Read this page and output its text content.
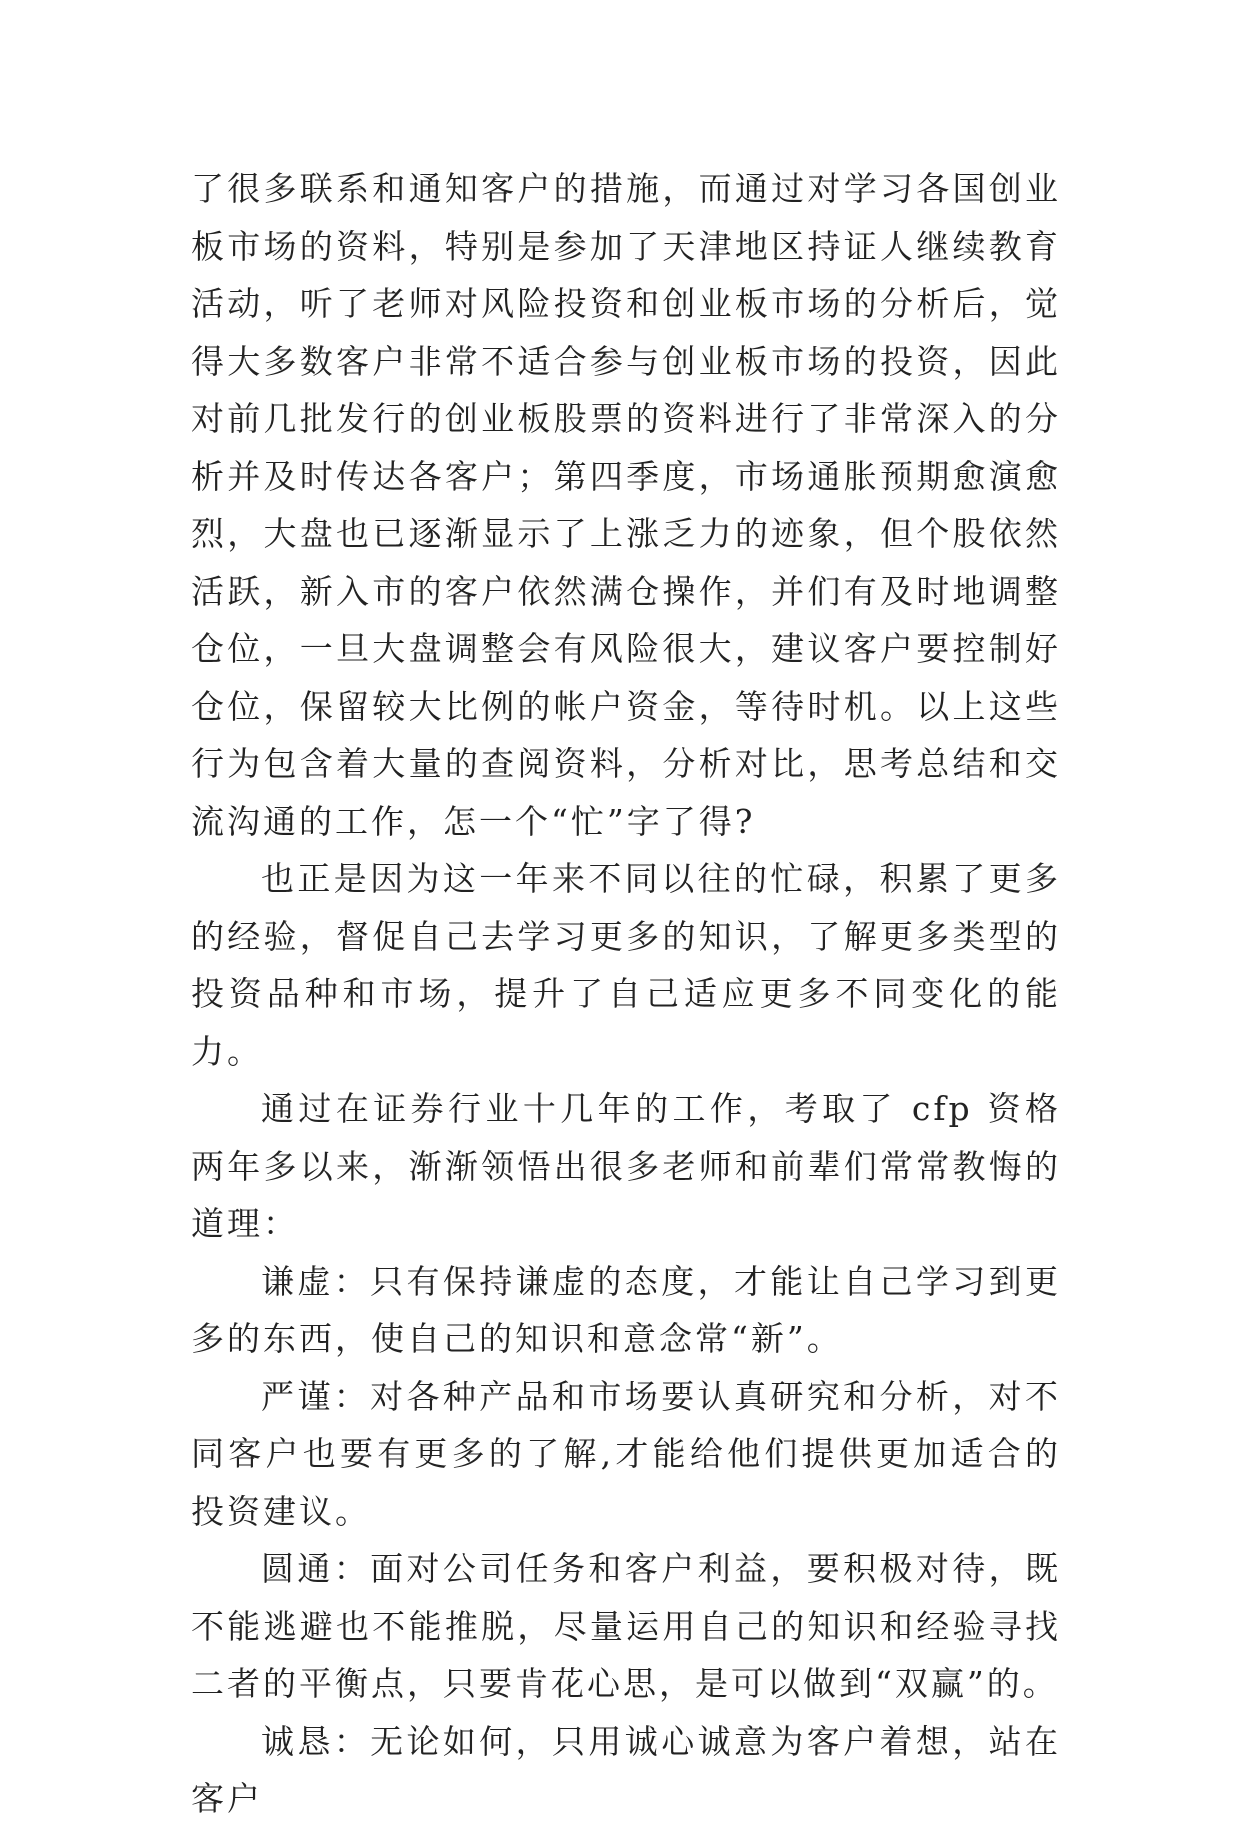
了很多联系和通知客户的措施，而通过对学习各国创业板市场的资料，特别是参加了天津地区持证人继续教育活动，听了老师对风险投资和创业板市场的分析后，觉得大多数客户非常不适合参与创业板市场的投资，因此对前几批发行的创业板股票的资料进行了非常深入的分析并及时传达各客户；第四季度，市场通胀预期愈演愈烈，大盘也已逐渐显示了上涨乏力的迹象，但个股依然活跃，新入市的客户依然满仓操作，并们有及时地调整仓位，一旦大盘调整会有风险很大，建议客户要控制好仓位，保留较大比例的帐户资金，等待时机。以上这些行为包含着大量的查阅资料，分析对比，思考总结和交流沟通的工作，怎一个“忙”字了得?

也正是因为这一年来不同以往的忙碌，积累了更多的经验，督促自己去学习更多的知识，了解更多类型的投资品种和市场，提升了自己适应更多不同变化的能力。

通过在证券行业十几年的工作，考取了 cfp 资格两年多以来，渐渐领悟出很多老师和前辈们常常教悔的道理：

谦虚：只有保持谦虚的态度，才能让自己学习到更多的东西，使自己的知识和意念常“新”。

严谨：对各种产品和市场要认真研究和分析，对不同客户也要有更多的了解,才能给他们提供更加适合的投资建议。

圆通：面对公司任务和客户利益，要积极对待，既不能逃避也不能推脱，尽量运用自己的知识和经验寻找二者的平衡点，只要肯花心思，是可以做到“双赢”的。

诚恳：无论如何，只用诚心诚意为客户着想，站在客户
